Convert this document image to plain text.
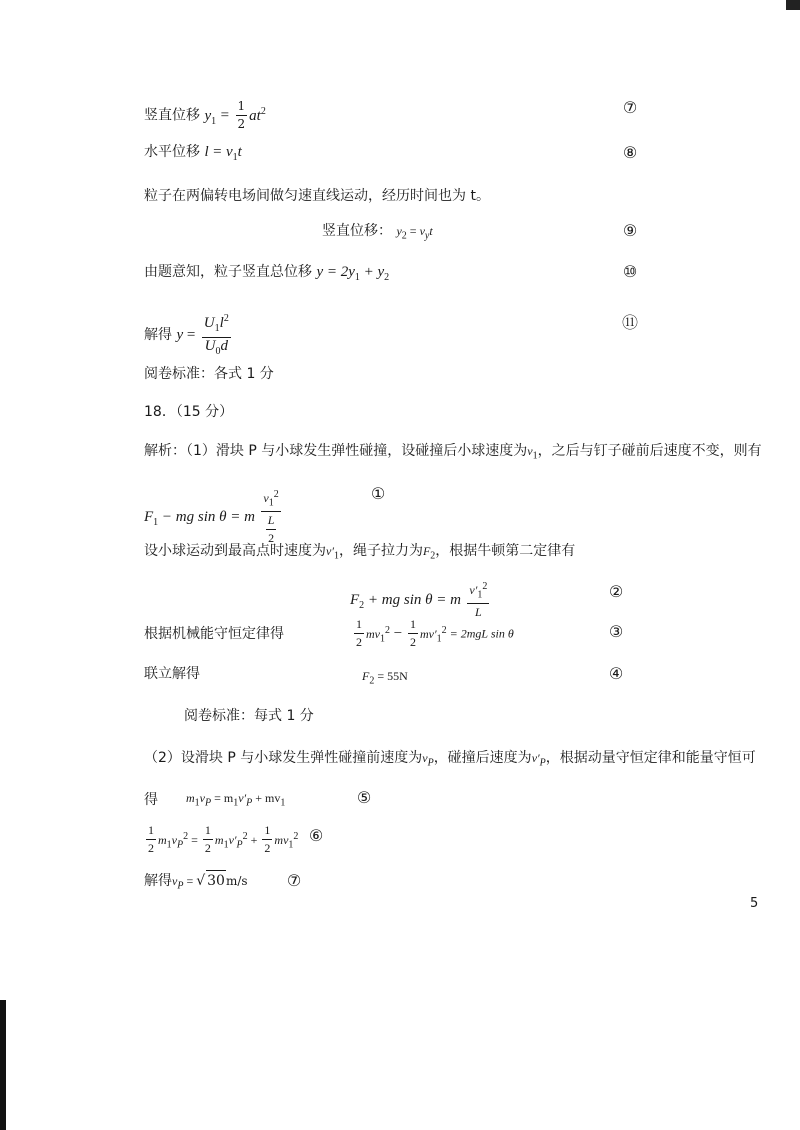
竖直位移 $y_1 = \frac{1}{2} at^2$	⑦
水平位移 $l = v_1t$	⑧
粒子在两偏转电场间做匀速直线运动，经历时间也为 t。
竖直位移： $y_2 = v_yt$	⑨
由题意知，粒子竖直总位移 $y = 2y_1 + y_2$	⑩
解得 $y = \frac{U_1l^2}{U_0d}$	⑪
阅卷标准：各式 1 分
18．（15 分）
解析：（1）滑块 P 与小球发生弹性碰撞，设碰撞后小球速度为$v_1$，之后与钉子碰前后速度不变，则有
$F_1$ − mg sin θ = m $\frac{v_1^2}{\frac{L}{2}}$	①
设小球运动到最高点时速度为$v'_1$，绳子拉力为$F_2$，根据牛顿第二定律有
$F_2$ + mg sin θ = m $\frac{v'_1^2}{L}$	②
根据机械能守恒定律得	$\frac{1}{2} mv_1^2 - \frac{1}{2} mv'_1^2 = 2mgL$ sin θ	③
联立解得	$F_2 = 55N$	④
阅卷标准：每式 1 分
（2）设滑块 P 与小球发生弹性碰撞前速度为$v_P$，碰撞后速度为$v'_P$，根据动量守恒定律和能量守恒可
得 $m_1v_P = m_1v'_P + mv_1$	⑤
$\frac{1}{2} m_1v_P^2 = \frac{1}{2} m_1v'_P^2 + \frac{1}{2} mv_1^2$ ⑥
解得$v_P$ = √ 30m/s ⑦
5
